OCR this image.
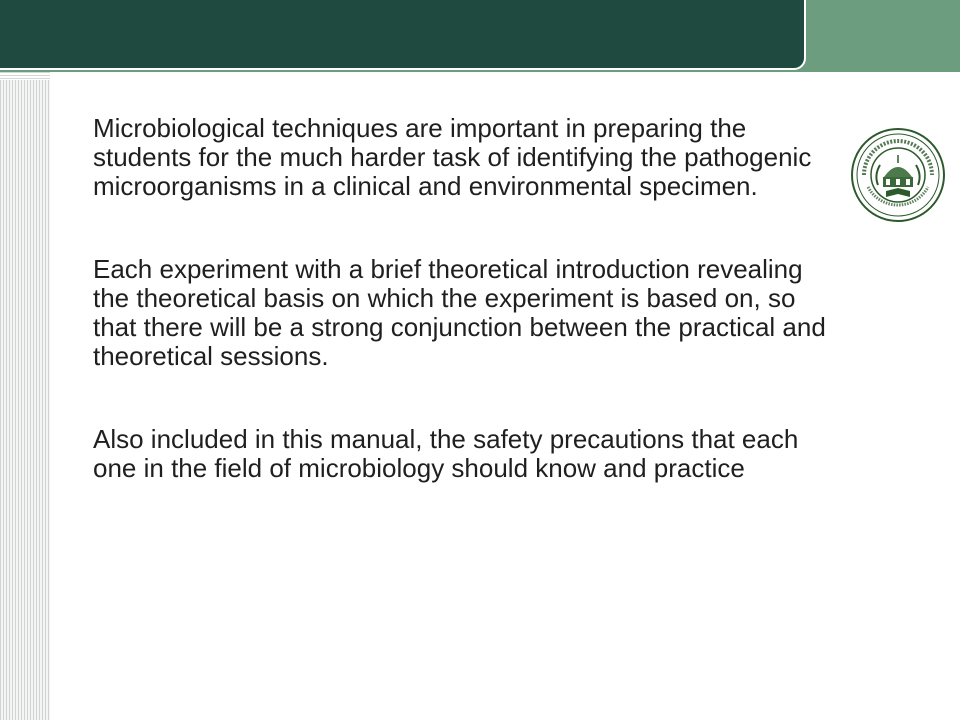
Microbiological techniques are important in preparing the students for the much harder task of identifying the pathogenic microorganisms in a clinical and environmental specimen.

Each experiment with a brief theoretical introduction revealing the theoretical basis on which the experiment is based on, so that there will be a strong conjunction between the practical and theoretical sessions.

Also included in this manual, the safety precautions that each one in the field of microbiology should know and practice
